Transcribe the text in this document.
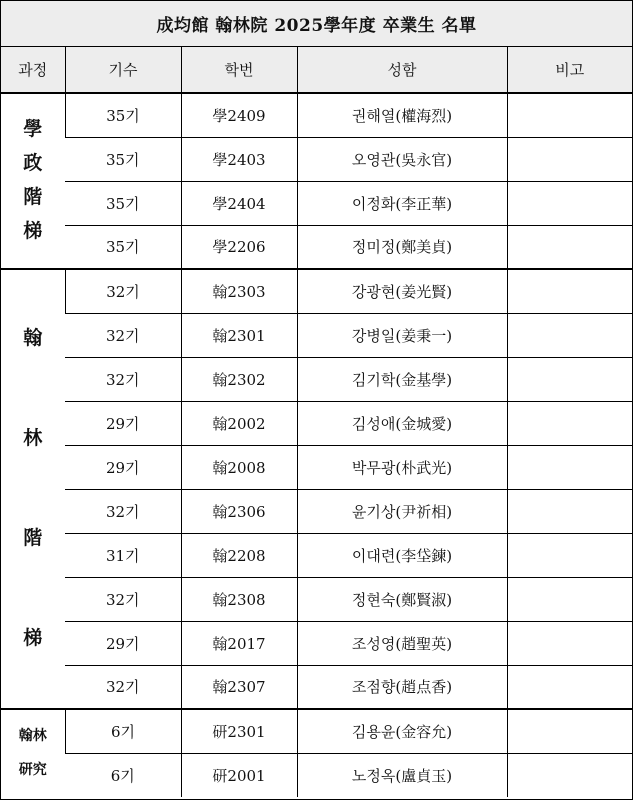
成均館 翰林院 2025學年度 卒業生 名單
과정	기수	학번	성함	비고

學
政
階
梯	35기	學2409	권해열(權海烈)	
	35기	學2403	오영관(吳永官)	
	35기	學2404	이정화(李正華)	
	35기	學2206	정미정(鄭美貞)	

翰
林
階
梯	32기	翰2303	강광현(姜光賢)	
	32기	翰2301	강병일(姜秉一)	
	32기	翰2302	김기학(金基學)	
	29기	翰2002	김성애(金城愛)	
	29기	翰2008	박무광(朴武光)	
	32기	翰2306	윤기상(尹祈相)	
	31기	翰2208	이대련(李垈鍊)	
	32기	翰2308	정현숙(鄭賢淑)	
	29기	翰2017	조성영(趙聖英)	
	32기	翰2307	조점향(趙点香)	

翰林
研究	6기	研2301	김용윤(金容允)	
	6기	研2001	노정옥(盧貞玉)	
